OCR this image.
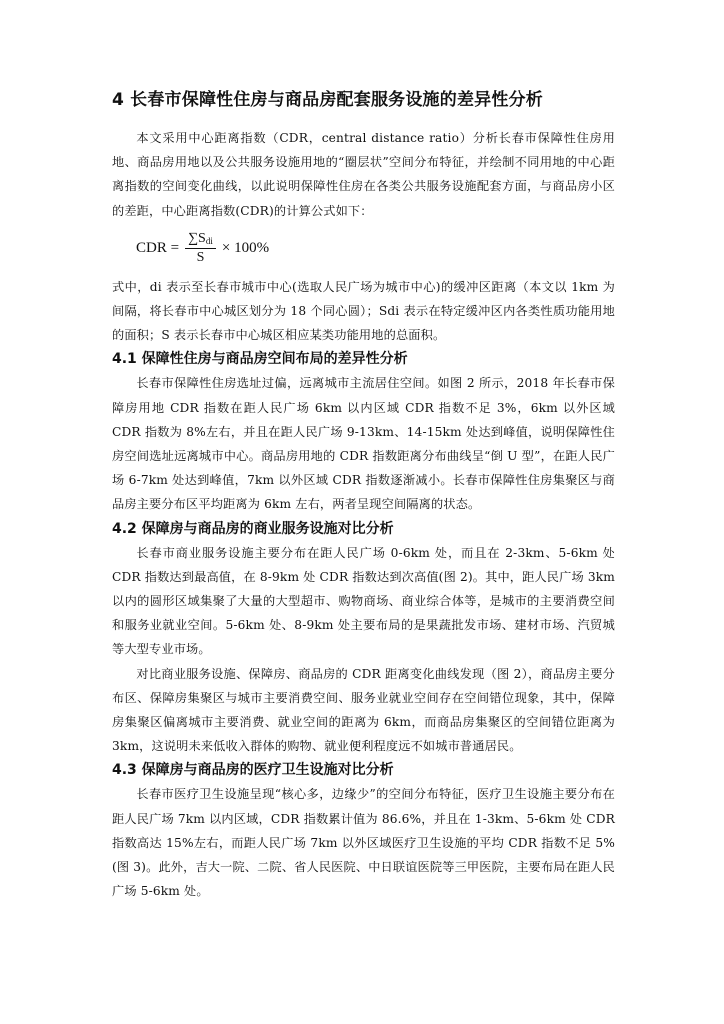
4 长春市保障性住房与商品房配套服务设施的差异性分析

本文采用中心距离指数（CDR，central distance ratio）分析长春市保障性住房用地、商品房用地以及公共服务设施用地的“圈层状”空间分布特征，并绘制不同用地的中心距离指数的空间变化曲线，以此说明保障性住房在各类公共服务设施配套方面，与商品房小区的差距，中心距离指数(CDR)的计算公式如下：

CDR = $\frac{\sum S_{di}}{S} \times 100\%$

式中，di 表示至长春市城市中心(选取人民广场为城市中心)的缓冲区距离（本文以 1km 为间隔，将长春市中心城区划分为 18 个同心圆）；Sdi 表示在特定缓冲区内各类性质功能用地的面积；S 表示长春市中心城区相应某类功能用地的总面积。

4.1 保障性住房与商品房空间布局的差异性分析

长春市保障性住房选址过偏，远离城市主流居住空间。如图 2 所示，2018 年长春市保障房用地 CDR 指数在距人民广场 6km 以内区域 CDR 指数不足 3%，6km 以外区域 CDR 指数为 8%左右，并且在距人民广场 9-13km、14-15km 处达到峰值，说明保障性住房空间选址远离城市中心。商品房用地的 CDR 指数距离分布曲线呈“倒 U 型”，在距人民广场 6-7km 处达到峰值，7km 以外区域 CDR 指数逐渐减小。长春市保障性住房集聚区与商品房主要分布区平均距离为 6km 左右，两者呈现空间隔离的状态。

4.2 保障房与商品房的商业服务设施对比分析

长春市商业服务设施主要分布在距人民广场 0-6km 处，而且在 2-3km、5-6km 处 CDR 指数达到最高值，在 8-9km 处 CDR 指数达到次高值(图 2)。其中，距人民广场 3km 以内的圆形区域集聚了大量的大型超市、购物商场、商业综合体等，是城市的主要消费空间和服务业就业空间。5-6km 处、8-9km 处主要布局的是果蔬批发市场、建材市场、汽贸城等大型专业市场。

对比商业服务设施、保障房、商品房的 CDR 距离变化曲线发现（图 2），商品房主要分布区、保障房集聚区与城市主要消费空间、服务业就业空间存在空间错位现象，其中，保障房集聚区偏离城市主要消费、就业空间的距离为 6km，而商品房集聚区的空间错位距离为 3km，这说明未来低收入群体的购物、就业便利程度远不如城市普通居民。

4.3 保障房与商品房的医疗卫生设施对比分析

长春市医疗卫生设施呈现“核心多，边缘少”的空间分布特征，医疗卫生设施主要分布在距人民广场 7km 以内区域，CDR 指数累计值为 86.6%，并且在 1-3km、5-6km 处 CDR 指数高达 15%左右，而距人民广场 7km 以外区域医疗卫生设施的平均 CDR 指数不足 5% (图 3)。此外，吉大一院、二院、省人民医院、中日联谊医院等三甲医院，主要布局在距人民广场 5-6km 处。
